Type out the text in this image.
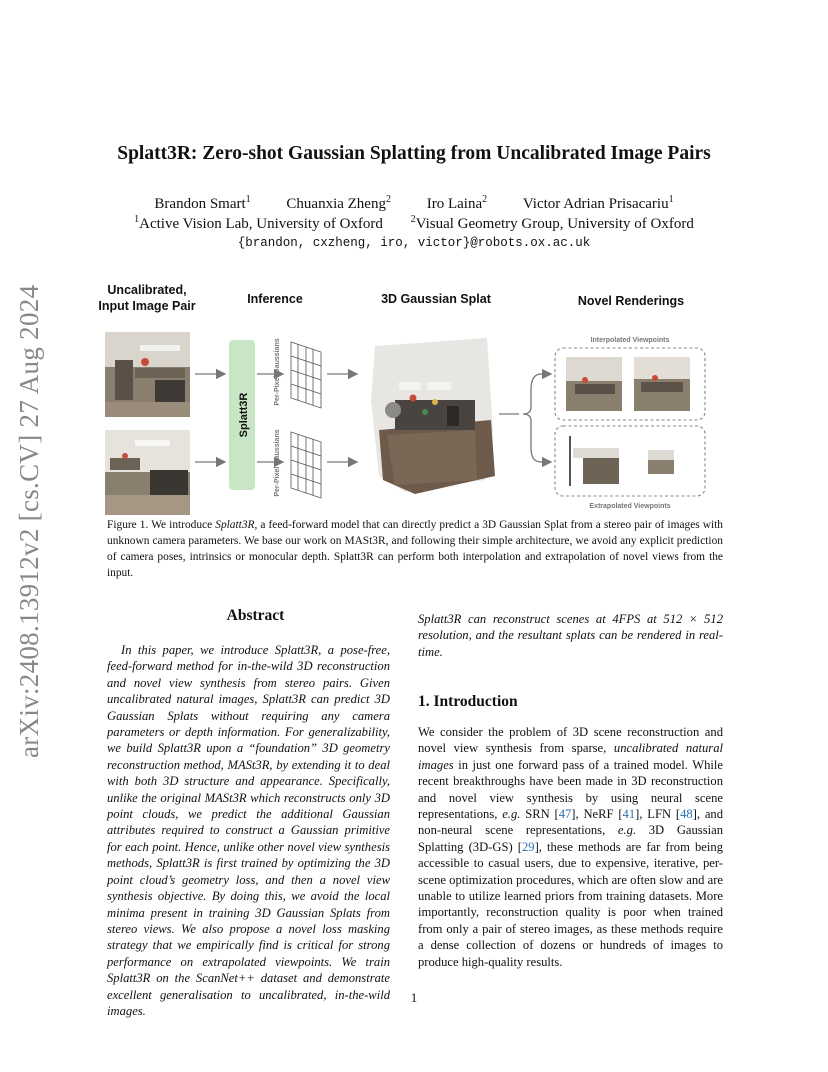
arXiv:2408.13912v2 [cs.CV] 27 Aug 2024
Splatt3R: Zero-shot Gaussian Splatting from Uncalibrated Image Pairs
Brandon Smart$^1$ Chuanxia Zheng$^2$ Iro Laina$^2$ Victor Adrian Prisacariu$^1$
$^1$Active Vision Lab, University of Oxford	$^2$Visual Geometry Group, University of Oxford
{brandon, cxzheng, iro, victor}@robots.ox.ac.uk
Uncalibrated,
Input Image Pair	Inference	3D Gaussian Splat	Novel Renderings
Splatt3R
Per-Pixel Gaussians
Per-Pixel Gaussians
Interpolated Viewpoints
Extrapolated Viewpoints
Figure 1. We introduce Splatt3R, a feed-forward model that can directly predict a 3D Gaussian Splat from a stereo pair of images with unknown camera parameters. We base our work on MASt3R, and following their simple architecture, we avoid any explicit prediction of camera poses, intrinsics or monocular depth. Splatt3R can perform both interpolation and extrapolation of novel views from the input.
Abstract
In this paper, we introduce Splatt3R, a pose-free, feed-forward method for in-the-wild 3D reconstruction and novel view synthesis from stereo pairs. Given uncalibrated natural images, Splatt3R can predict 3D Gaussian Splats without requiring any camera parameters or depth information. For generalizability, we build Splatt3R upon a “foundation” 3D geometry reconstruction method, MASt3R, by extending it to deal with both 3D structure and appearance. Specifically, unlike the original MASt3R which reconstructs only 3D point clouds, we predict the additional Gaussian attributes required to construct a Gaussian primitive for each point. Hence, unlike other novel view synthesis methods, Splatt3R is first trained by optimizing the 3D point cloud’s geometry loss, and then a novel view synthesis objective. By doing this, we avoid the local minima present in training 3D Gaussian Splats from stereo views. We also propose a novel loss masking strategy that we empirically find is critical for strong performance on extrapolated viewpoints. We train Splatt3R on the ScanNet++ dataset and demonstrate excellent generalisation to uncalibrated, in-the-wild images.
Splatt3R can reconstruct scenes at 4FPS at 512 × 512 resolution, and the resultant splats can be rendered in real-time.
1. Introduction
We consider the problem of 3D scene reconstruction and novel view synthesis from sparse, uncalibrated natural images in just one forward pass of a trained model. While recent breakthroughs have been made in 3D reconstruction and novel view synthesis by using neural scene representations, e.g. SRN [47], NeRF [41], LFN [48], and non-neural scene representations, e.g. 3D Gaussian Splatting (3D-GS) [29], these methods are far from being accessible to casual users, due to expensive, iterative, per-scene optimization procedures, which are often slow and are unable to utilize learned priors from training datasets. More importantly, reconstruction quality is poor when trained from only a pair of stereo images, as these methods require a dense collection of dozens or hundreds of images to produce high-quality results.
1
